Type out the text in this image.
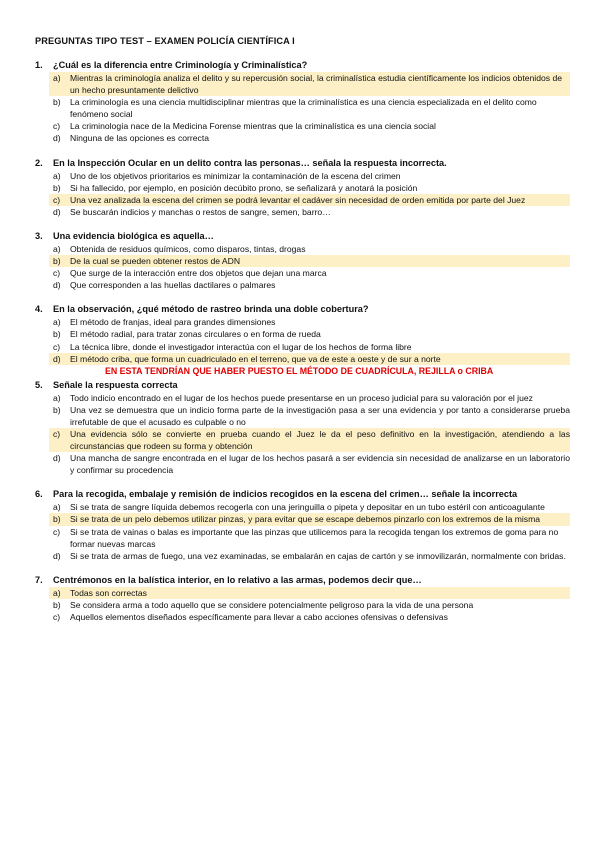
PREGUNTAS TIPO TEST – EXAMEN POLICÍA CIENTÍFICA I
1.	¿Cuál es la diferencia entre Criminología y Criminalística?
a)	Mientras la criminología analiza el delito y su repercusión social, la criminalística estudia científicamente los indicios obtenidos de un hecho presuntamente delictivo
b)	La criminología es una ciencia multidisciplinar mientras que la criminalística es una ciencia especializada en el delito como fenómeno social
c)	La criminología nace de la Medicina Forense mientras que la criminalística es una ciencia social
d)	Ninguna de las opciones es correcta
2.	En la Inspección Ocular en un delito contra las personas… señala la respuesta incorrecta.
a)	Uno de los objetivos prioritarios es minimizar la contaminación de la escena del crimen
b)	Si ha fallecido, por ejemplo, en posición decúbito prono, se señalizará y anotará la posición
c)	Una vez analizada la escena del crimen se podrá levantar el cadáver sin necesidad de orden emitida por parte del Juez
d)	Se buscarán indicios y manchas o restos de sangre, semen, barro…
3.	Una evidencia biológica es aquella…
a)	Obtenida de residuos químicos, como disparos, tintas, drogas
b)	De la cual se pueden obtener restos de ADN
c)	Que surge de la interacción entre dos objetos que dejan una marca
d)	Que corresponden a las huellas dactilares o palmares
4.	En la observación, ¿qué método de rastreo brinda una doble cobertura?
a)	El método de franjas, ideal para grandes dimensiones
b)	El método radial, para tratar zonas circulares o en forma de rueda
c)	La técnica libre, donde el investigador interactúa con el lugar de los hechos de forma libre
d)	El método criba, que forma un cuadriculado en el terreno, que va de este a oeste y de sur a norte
EN ESTA TENDRÍAN QUE HABER PUESTO EL MÉTODO DE CUADRÍCULA, REJILLA o CRIBA
5.	Señale la respuesta correcta
a)	Todo indicio encontrado en el lugar de los hechos puede presentarse en un proceso judicial para su valoración por el juez
b)	Una vez se demuestra que un indicio forma parte de la investigación pasa a ser una evidencia y por tanto a considerarse prueba irrefutable de que el acusado es culpable o no
c)	Una evidencia sólo se convierte en prueba cuando el Juez le da el peso definitivo en la investigación, atendiendo a las circunstancias que rodeen su forma y obtención
d)	Una mancha de sangre encontrada en el lugar de los hechos pasará a ser evidencia sin necesidad de analizarse en un laboratorio y confirmar su procedencia
6.	Para la recogida, embalaje y remisión de indicios recogidos en la escena del crimen… señale la incorrecta
a)	Si se trata de sangre líquida debemos recogerla con una jeringuilla o pipeta y depositar en un tubo estéril con anticoagulante
b)	Si se trata de un pelo debemos utilizar pinzas, y para evitar que se escape debemos pinzarlo con los extremos de la misma
c)	Si se trata de vainas o balas es importante que las pinzas que utilicemos para la recogida tengan los extremos de goma para no formar nuevas marcas
d)	Si se trata de armas de fuego, una vez examinadas, se embalarán en cajas de cartón y se inmovilizarán, normalmente con bridas.
7.	Centrémonos en la balística interior, en lo relativo a las armas, podemos decir que…
a)	Todas son correctas
b)	Se considera arma a todo aquello que se considere potencialmente peligroso para la vida de una persona
c)	Aquellos elementos diseñados específicamente para llevar a cabo acciones ofensivas o defensivas
